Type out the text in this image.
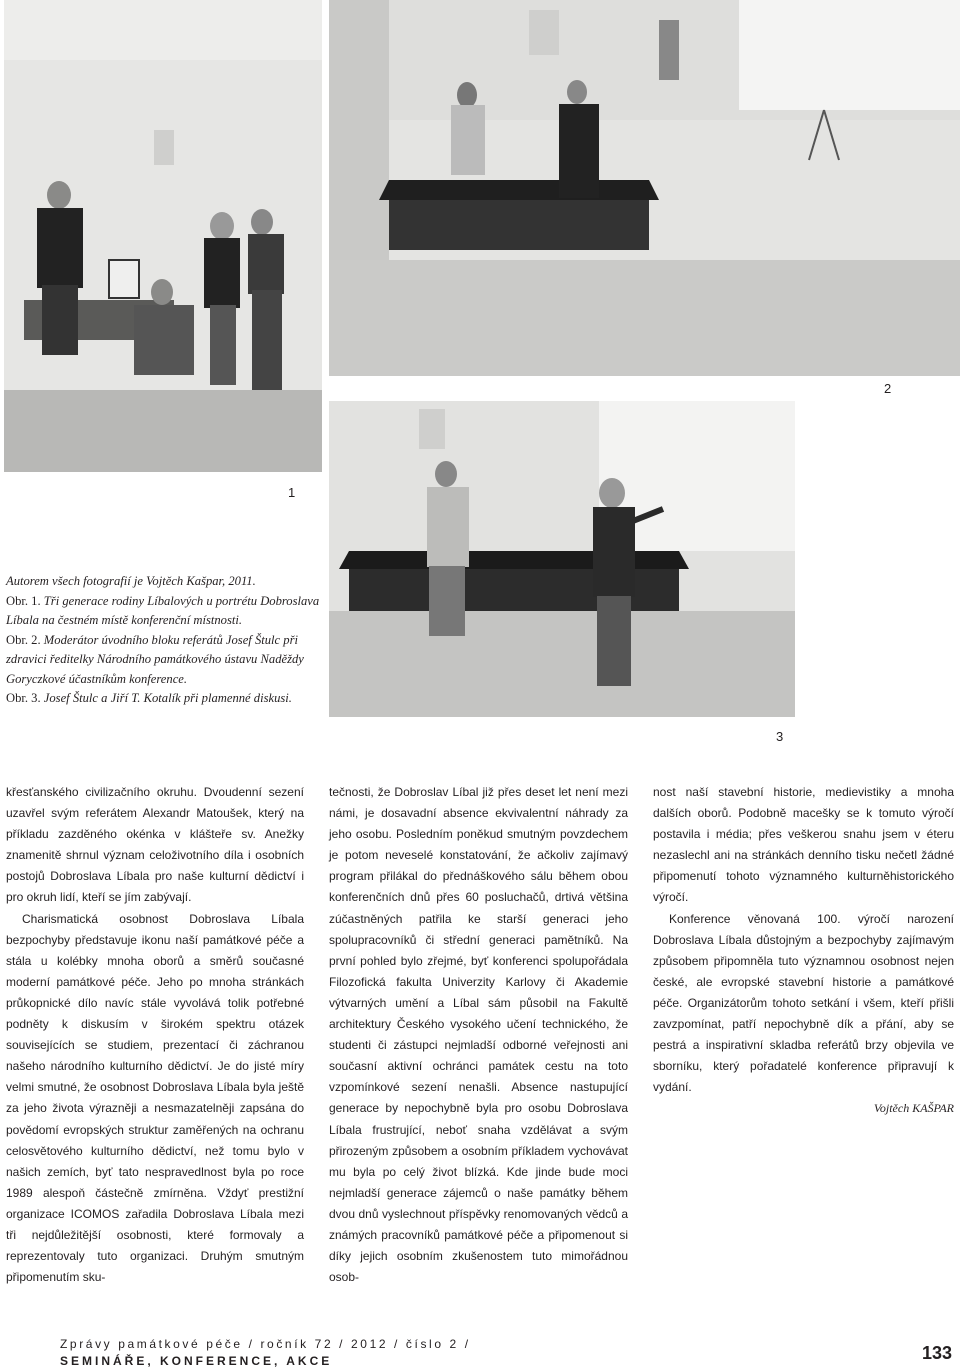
1
2
3
Autorem všech fotografií je Vojtěch Kašpar, 2011.
Obr. 1. Tři generace rodiny Líbalových u portrétu Dobroslava Líbala na čestném místě konferenční místnosti.
Obr. 2. Moderátor úvodního bloku referátů Josef Štulc při zdravici ředitelky Národního památkového ústavu Naděždy Goryczkové účastníkům konference.
Obr. 3. Josef Štulc a Jiří T. Kotalík při plamenné diskusi.

křesťanského civilizačního okruhu. Dvoudenní sezení uzavřel svým referátem Alexandr Matoušek, který na příkladu zazděného okénka v klášteře sv. Anežky znamenitě shrnul význam celoživotního díla i osobních postojů Dobroslava Líbala pro naše kulturní dědictví i pro okruh lidí, kteří se jím zabývají.

Charismatická osobnost Dobroslava Líbala bezpochyby představuje ikonu naší památkové péče a stála u kolébky mnoha oborů a směrů současné moderní památkové péče. Jeho po mnoha stránkách průkopnické dílo navíc stále vyvolává tolik potřebné podněty k diskusím v širokém spektru otázek souvisejících se studiem, prezentací či záchranou našeho národního kulturního dědictví. Je do jisté míry velmi smutné, že osobnost Dobroslava Líbala byla ještě za jeho života výrazněji a nesmazatelněji zapsána do povědomí evropských struktur zaměřených na ochranu celosvětového kulturního dědictví, než tomu bylo v našich zemích, byť tato nespravedlnost byla po roce 1989 alespoň částečně zmírněna. Vždyť prestižní organizace ICOMOS zařadila Dobroslava Líbala mezi tři nejdůležitější osobnosti, které formovaly a reprezentovaly tuto organizaci. Druhým smutným připomenutím sku-

tečnosti, že Dobroslav Líbal již přes deset let není mezi námi, je dosavadní absence ekvivalentní náhrady za jeho osobu. Posledním poněkud smutným povzdechem je potom neveselé konstatování, že ačkoliv zajímavý program přilákal do přednáškového sálu během obou konferenčních dnů přes 60 posluchačů, drtivá většina zúčastněných patřila ke starší generaci jeho spolupracovníků či střední generaci pamětníků. Na první pohled bylo zřejmé, byť konferenci spolupořádala Filozofická fakulta Univerzity Karlovy či Akademie výtvarných umění a Líbal sám působil na Fakultě architektury Českého vysokého učení technického, že studenti či zástupci nejmladší odborné veřejnosti ani současní aktivní ochránci památek cestu na toto vzpomínkové sezení nenašli. Absence nastupující generace by nepochybně byla pro osobu Dobroslava Líbala frustrující, neboť snaha vzdělávat a svým přirozeným způsobem a osobním příkladem vychovávat mu byla po celý život blízká. Kde jinde bude moci nejmladší generace zájemců o naše památky během dvou dnů vyslechnout příspěvky renomovaných vědců a známých pracovníků památkové péče a připomenout si díky jejich osobním zkušenostem tuto mimořádnou osob-

nost naší stavební historie, medievistiky a mnoha dalších oborů. Podobně macešky se k tomuto výročí postavila i média; přes veškerou snahu jsem v éteru nezaslechl ani na stránkách denního tisku nečetl žádné připomenutí tohoto významného kulturněhistorického výročí.

Konference věnovaná 100. výročí narození Dobroslava Líbala důstojným a bezpochyby zajímavým způsobem připomněla tuto významnou osobnost nejen české, ale evropské stavební historie a památkové péče. Organizátorům tohoto setkání i všem, kteří přišli zavzpomínat, patří nepochybně dík a přání, aby se pestrá a inspirativní skladba referátů brzy objevila ve sborníku, který pořadatelé konference připravují k vydání.

Vojtěch KAŠPAR

Zprávy památkové péče / ročník 72 / 2012 / číslo 2 /
SEMINÁŘE, KONFERENCE, AKCE	133
